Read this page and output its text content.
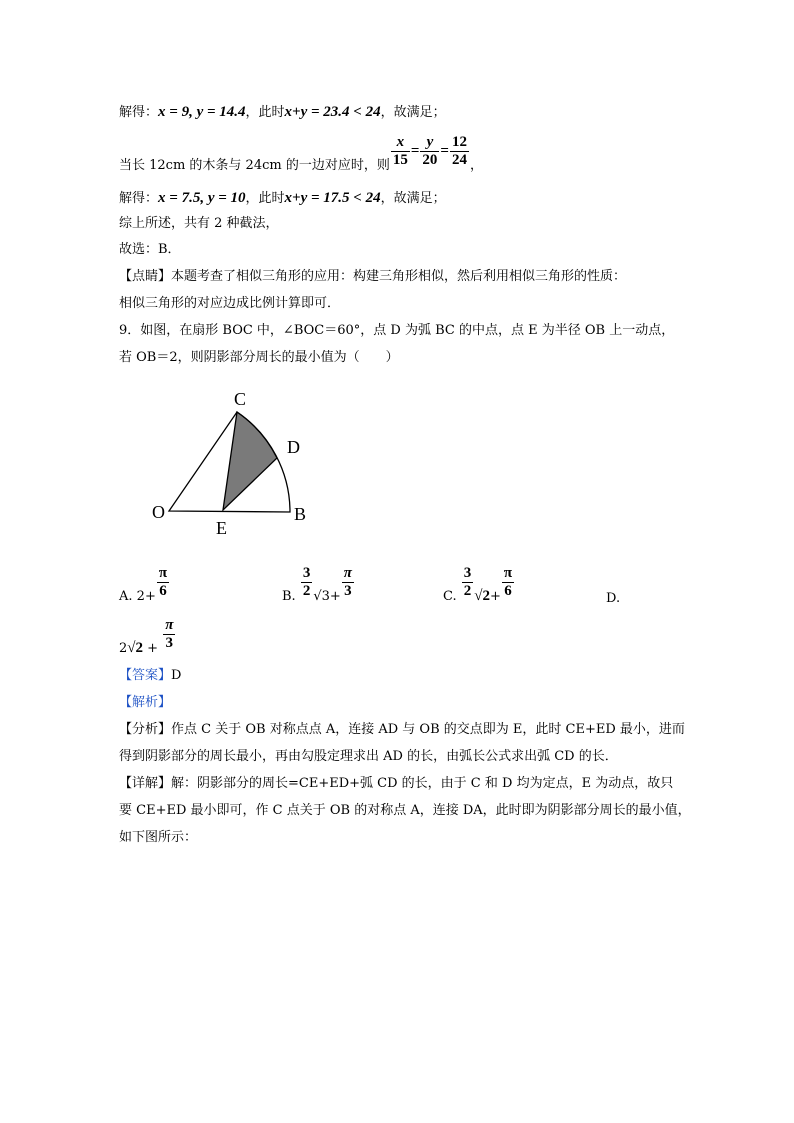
解得：x = 9, y = 14.4，此时x+y = 23.4 < 24，故满足；
当长 12cm 的木条与 24cm 的一边对应时，则 $\frac{x}{15} = \frac{y}{20} = \frac{12}{24}$ ，
解得：x = 7.5, y = 10，此时x+y = 17.5 < 24，故满足；
综上所述，共有 2 种截法，
故选：B．
【点睛】本题考查了相似三角形的应用：构建三角形相似，然后利用相似三角形的性质：
相似三角形的对应边成比例计算即可．
9．如图，在扇形 BOC 中，∠BOC＝60°，点 D 为弧 BC 的中点，点 E 为半径 OB 上一动点，
若 OB＝2，则阴影部分周长的最小值为（　　）
C
D
O
E
B
A. $2+ \frac{\pi}{6}$	B. $\frac{3}{2} √3+ \frac{\pi}{3}$	C. $\frac{3}{2} √2+ \frac{\pi}{6}$	D.
$2√2 + \frac{\pi}{3}$
【答案】D
【解析】
【分析】作点 C 关于 OB 对称点点 A，连接 AD 与 OB 的交点即为 E，此时 CE+ED 最小，进而
得到阴影部分的周长最小，再由勾股定理求出 AD 的长，由弧长公式求出弧 CD 的长．
【详解】解：阴影部分的周长=CE+ED+弧 CD 的长，由于 C 和 D 均为定点，E 为动点，故只
要 CE+ED 最小即可，作 C 点关于 OB 的对称点 A，连接 DA，此时即为阴影部分周长的最小值，
如下图所示：
